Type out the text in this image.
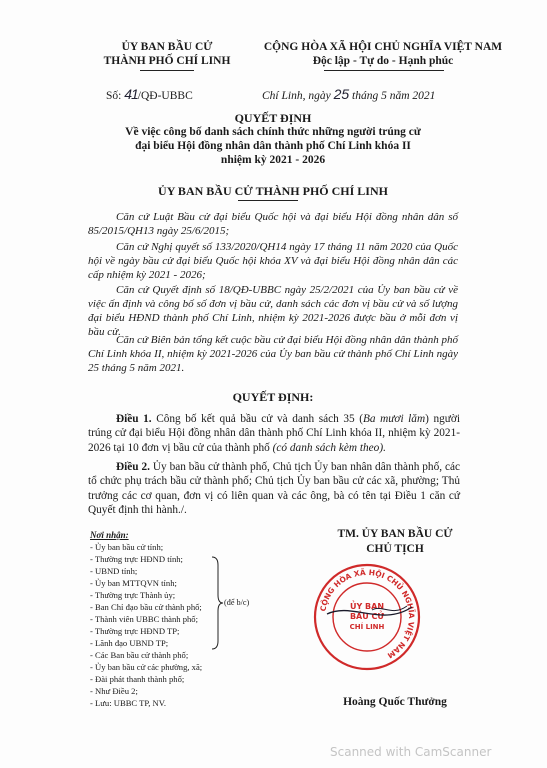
ỦY BAN BẦU CỬ
THÀNH PHỐ CHÍ LINH
CỘNG HÒA XÃ HỘI CHỦ NGHĨA VIỆT NAM
Độc lập - Tự do - Hạnh phúc
Số: 41/QĐ-UBBC	Chí Linh, ngày 25 tháng 5 năm 2021
QUYẾT ĐỊNH
Về việc công bố danh sách chính thức những người trúng cử
đại biểu Hội đồng nhân dân thành phố Chí Linh khóa II
nhiệm kỳ 2021 - 2026
ỦY BAN BẦU CỬ THÀNH PHỐ CHÍ LINH
Căn cứ Luật Bầu cử đại biểu Quốc hội và đại biểu Hội đồng nhân dân số 85/2015/QH13 ngày 25/6/2015;
Căn cứ Nghị quyết số 133/2020/QH14 ngày 17 tháng 11 năm 2020 của Quốc hội về ngày bầu cử đại biểu Quốc hội khóa XV và đại biểu Hội đồng nhân dân các cấp nhiệm kỳ 2021 - 2026;
Căn cứ Quyết định số 18/QĐ-UBBC ngày 25/2/2021 của Ủy ban bầu cử về việc ấn định và công bố số đơn vị bầu cử, danh sách các đơn vị bầu cử và số lượng đại biểu HĐND thành phố Chí Linh, nhiệm kỳ 2021-2026 được bầu ở mỗi đơn vị bầu cử.
Căn cứ Biên bản tổng kết cuộc bầu cử đại biểu Hội đồng nhân dân thành phố Chí Linh khóa II, nhiệm kỳ 2021-2026 của Ủy ban bầu cử thành phố Chí Linh ngày 25 tháng 5 năm 2021.
QUYẾT ĐỊNH:
Điều 1. Công bố kết quả bầu cử và danh sách 35 (Ba mươi lăm) người trúng cử đại biểu Hội đồng nhân dân thành phố Chí Linh khóa II, nhiệm kỳ 2021-2026 tại 10 đơn vị bầu cử của thành phố (có danh sách kèm theo).
Điều 2. Ủy ban bầu cử thành phố, Chủ tịch Ủy ban nhân dân thành phố, các tổ chức phụ trách bầu cử thành phố; Chủ tịch Ủy ban bầu cử các xã, phường; Thủ trưởng các cơ quan, đơn vị có liên quan và các ông, bà có tên tại Điều 1 căn cứ Quyết định thi hành./.
Nơi nhận:
- Ủy ban bầu cử tỉnh;
- Thường trực HĐND tỉnh;
- UBND tỉnh;
- Ủy ban MTTQVN tỉnh;
- Thường trực Thành ủy;
- Ban Chỉ đạo bầu cử thành phố;
- Thành viên UBBC thành phố;
- Thường trực HĐND TP;
- Lãnh đạo UBND TP;
- Các Ban bầu cử thành phố;
- Ủy ban bầu cử các phường, xã;
- Đài phát thanh thành phố;
- Như Điều 2;
- Lưu: UBBC TP, NV.
(để b/c)
TM. ỦY BAN BẦU CỬ
CHỦ TỊCH
CỘNG HÒA XÃ HỘI CHỦ NGHĨA VIỆT NAM
ỦY BAN
BẦU CỬ
CHÍ LINH
Hoàng Quốc Thưởng
Scanned with CamScanner
